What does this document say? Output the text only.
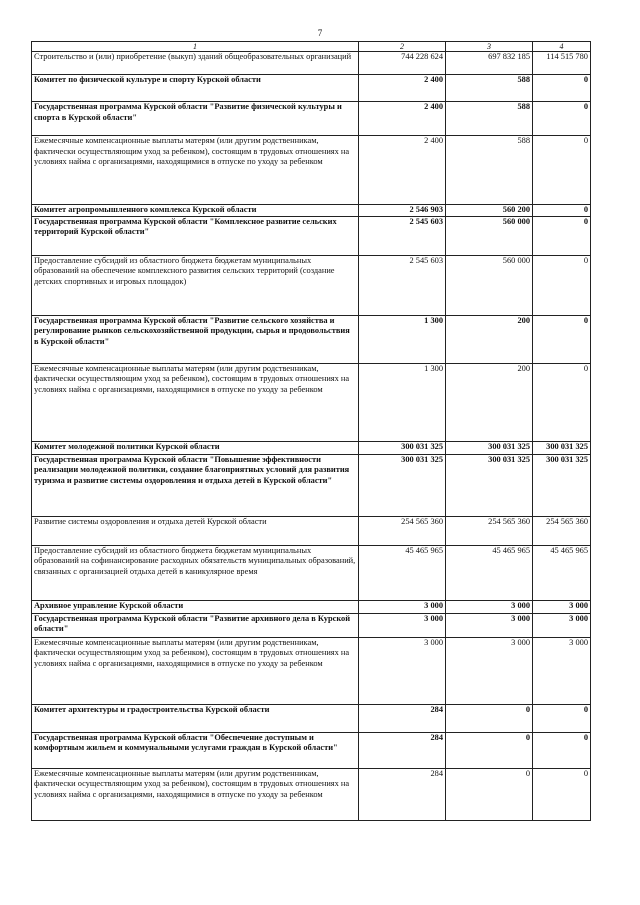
7
1	2	3	4
Строительство и (или) приобретение (выкуп) зданий общеобразовательных организаций	744 228 624	697 832 185	114 515 780
Комитет по физической культуре и спорту Курской области	2 400	588	0
Государственная программа Курской области "Развитие физической культуры и спорта в Курской области"	2 400	588	0
Ежемесячные компенсационные выплаты матерям (или другим родственникам, фактически осуществляющим уход за ребенком), состоящим в трудовых отношениях на условиях найма с организациями, находящимися в отпуске по уходу за ребенком	2 400	588	0
Комитет агропромышленного комплекса Курской области	2 546 903	560 200	0
Государственная программа Курской области "Комплексное развитие сельских территорий Курской области"	2 545 603	560 000	0
Предоставление субсидий из областного бюджета бюджетам муниципальных образований на обеспечение комплексного развития сельских территорий (создание детских спортивных и игровых площадок)	2 545 603	560 000	0
Государственная программа Курской области "Развитие сельского хозяйства и регулирование рынков сельскохозяйственной продукции, сырья и продовольствия в Курской области"	1 300	200	0
Ежемесячные компенсационные выплаты матерям (или другим родственникам, фактически осуществляющим уход за ребенком), состоящим в трудовых отношениях на условиях найма с организациями, находящимися в отпуске по уходу за ребенком	1 300	200	0
Комитет молодежной политики Курской области	300 031 325	300 031 325	300 031 325
Государственная программа Курской области "Повышение эффективности реализации молодежной политики, создание благоприятных условий для развития туризма и развитие системы оздоровления и отдыха детей в Курской области"	300 031 325	300 031 325	300 031 325
Развитие системы оздоровления и отдыха детей Курской области	254 565 360	254 565 360	254 565 360
Предоставление субсидий из областного бюджета бюджетам муниципальных образований на софинансирование расходных обязательств муниципальных образований, связанных с организацией отдыха детей в каникулярное время	45 465 965	45 465 965	45 465 965
Архивное управление Курской области	3 000	3 000	3 000
Государственная программа Курской области "Развитие архивного дела в Курской области"	3 000	3 000	3 000
Ежемесячные компенсационные выплаты матерям (или другим родственникам, фактически осуществляющим уход за ребенком), состоящим в трудовых отношениях на условиях найма с организациями, находящимися в отпуске по уходу за ребенком	3 000	3 000	3 000
Комитет архитектуры и градостроительства Курской области	284	0	0
Государственная программа Курской области "Обеспечение доступным и комфортным жильем и коммунальными услугами граждан в Курской области"	284	0	0
Ежемесячные компенсационные выплаты матерям (или другим родственникам, фактически осуществляющим уход за ребенком), состоящим в трудовых отношениях на условиях найма с организациями, находящимися в отпуске по уходу за ребенком	284	0	0
